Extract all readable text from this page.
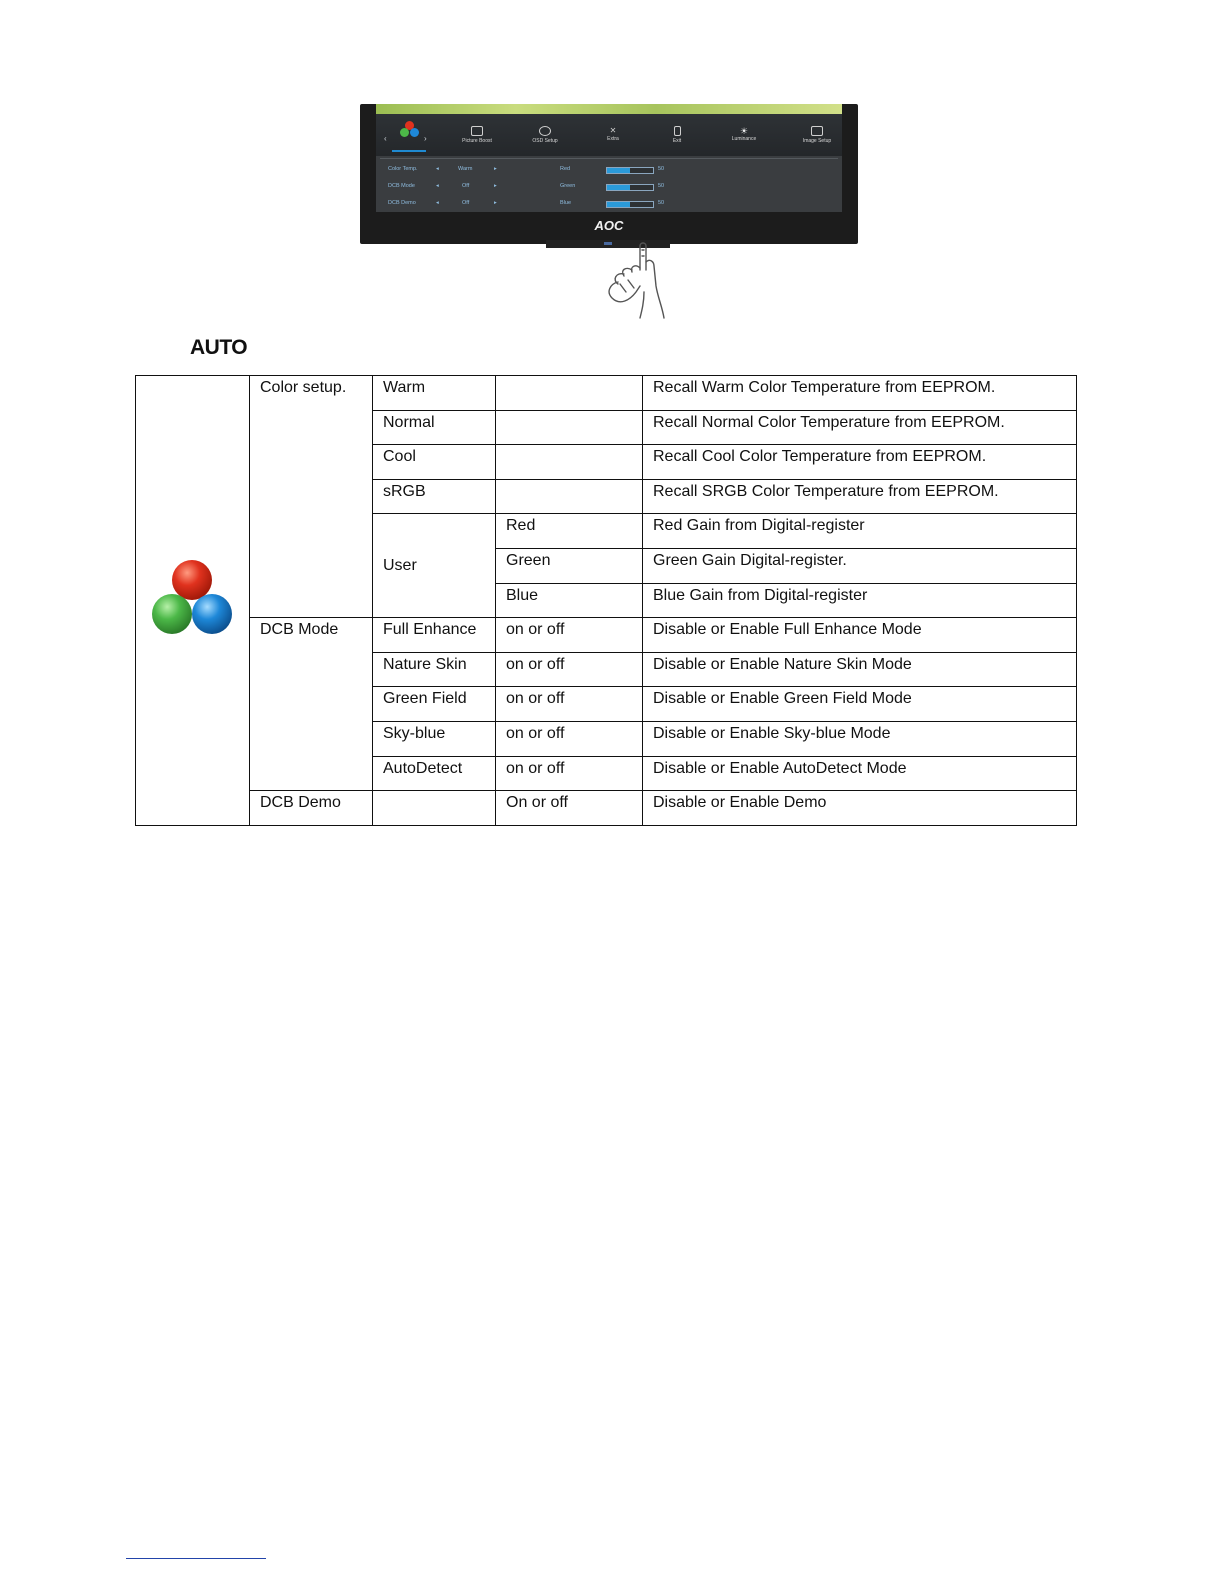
‹	›	Picture Boost	OSD Setup
✕
Extra	Exit
☀
Luminance	Image Setup
Color Temp.	◂	Warm	▸	Red	50
DCB Mode	◂	Off	▸	Green	50
DCB Demo	◂	Off	▸	Blue	50
AOC
AUTO
	Color setup.	Warm		Recall Warm Color Temperature from EEPROM.
		Normal		Recall Normal Color Temperature from EEPROM.
		Cool		Recall Cool Color Temperature from EEPROM.
		sRGB		Recall SRGB Color Temperature from EEPROM.
		User	Red	Red Gain from Digital-register
			Green	Green Gain Digital-register.
			Blue	Blue Gain from Digital-register
	DCB Mode	Full Enhance	on or off	Disable or Enable Full Enhance Mode
		Nature Skin	on or off	Disable or Enable Nature Skin Mode
		Green Field	on or off	Disable or Enable Green Field Mode
		Sky-blue	on or off	Disable or Enable Sky-blue Mode
		AutoDetect	on or off	Disable or Enable AutoDetect Mode
	DCB Demo		On or off	Disable or Enable Demo
